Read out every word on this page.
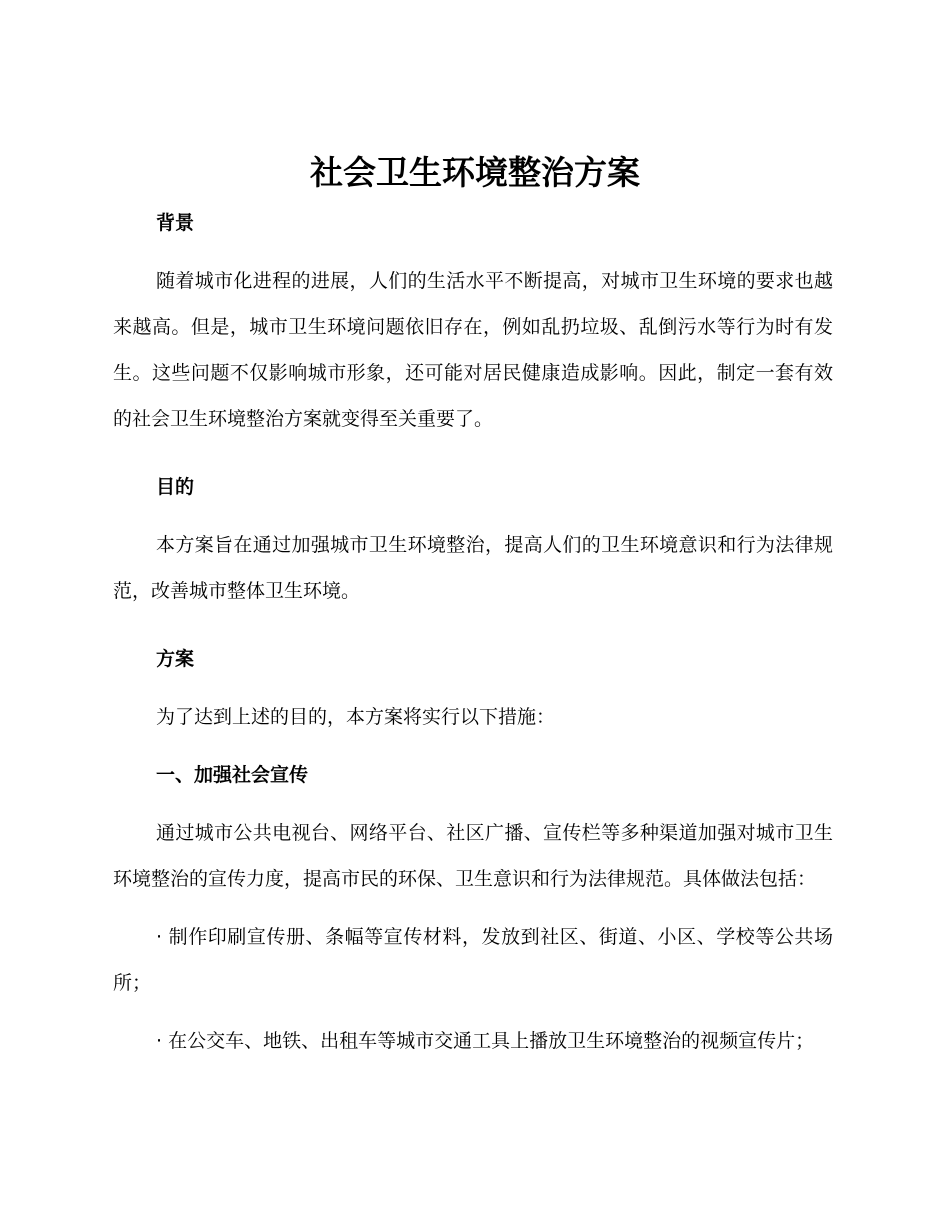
社会卫生环境整治方案

背景

随着城市化进程的进展，人们的生活水平不断提高，对城市卫生环境的要求也越来越高。但是，城市卫生环境问题依旧存在，例如乱扔垃圾、乱倒污水等行为时有发生。这些问题不仅影响城市形象，还可能对居民健康造成影响。因此，制定一套有效的社会卫生环境整治方案就变得至关重要了。

目的

本方案旨在通过加强城市卫生环境整治，提高人们的卫生环境意识和行为法律规范，改善城市整体卫生环境。

方案

为了达到上述的目的，本方案将实行以下措施：

一、加强社会宣传

通过城市公共电视台、网络平台、社区广播、宣传栏等多种渠道加强对城市卫生环境整治的宣传力度，提高市民的环保、卫生意识和行为法律规范。具体做法包括：

· 制作印刷宣传册、条幅等宣传材料，发放到社区、街道、小区、学校等公共场所；

· 在公交车、地铁、出租车等城市交通工具上播放卫生环境整治的视频宣传片；
